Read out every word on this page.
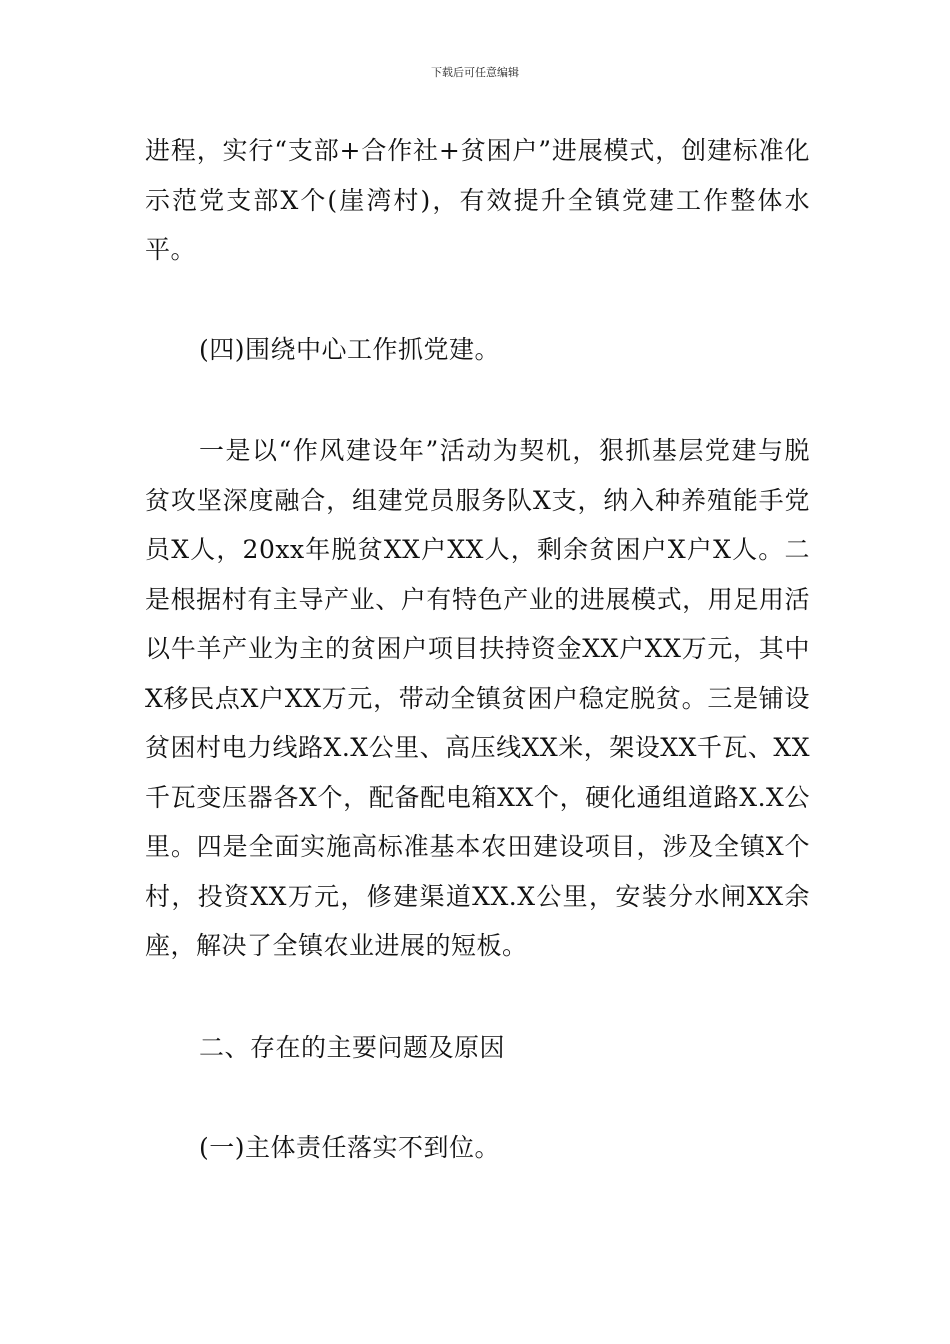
下载后可任意编辑

进程，实行“支部+合作社+贫困户”进展模式，创建标准化示范党支部X个(崖湾村)，有效提升全镇党建工作整体水平。

(四)围绕中心工作抓党建。

一是以“作风建设年”活动为契机，狠抓基层党建与脱贫攻坚深度融合，组建党员服务队X支，纳入种养殖能手党员X人，20xx年脱贫XX户XX人，剩余贫困户X户X人。二是根据村有主导产业、户有特色产业的进展模式，用足用活以牛羊产业为主的贫困户项目扶持资金XX户XX万元，其中X移民点X户XX万元，带动全镇贫困户稳定脱贫。三是铺设贫困村电力线路X.X公里、高压线XX米，架设XX千瓦、XX千瓦变压器各X个，配备配电箱XX个，硬化通组道路X.X公里。四是全面实施高标准基本农田建设项目，涉及全镇X个村，投资XX万元，修建渠道XX.X公里，安装分水闸XX余座，解决了全镇农业进展的短板。

二、存在的主要问题及原因

(一)主体责任落实不到位。
